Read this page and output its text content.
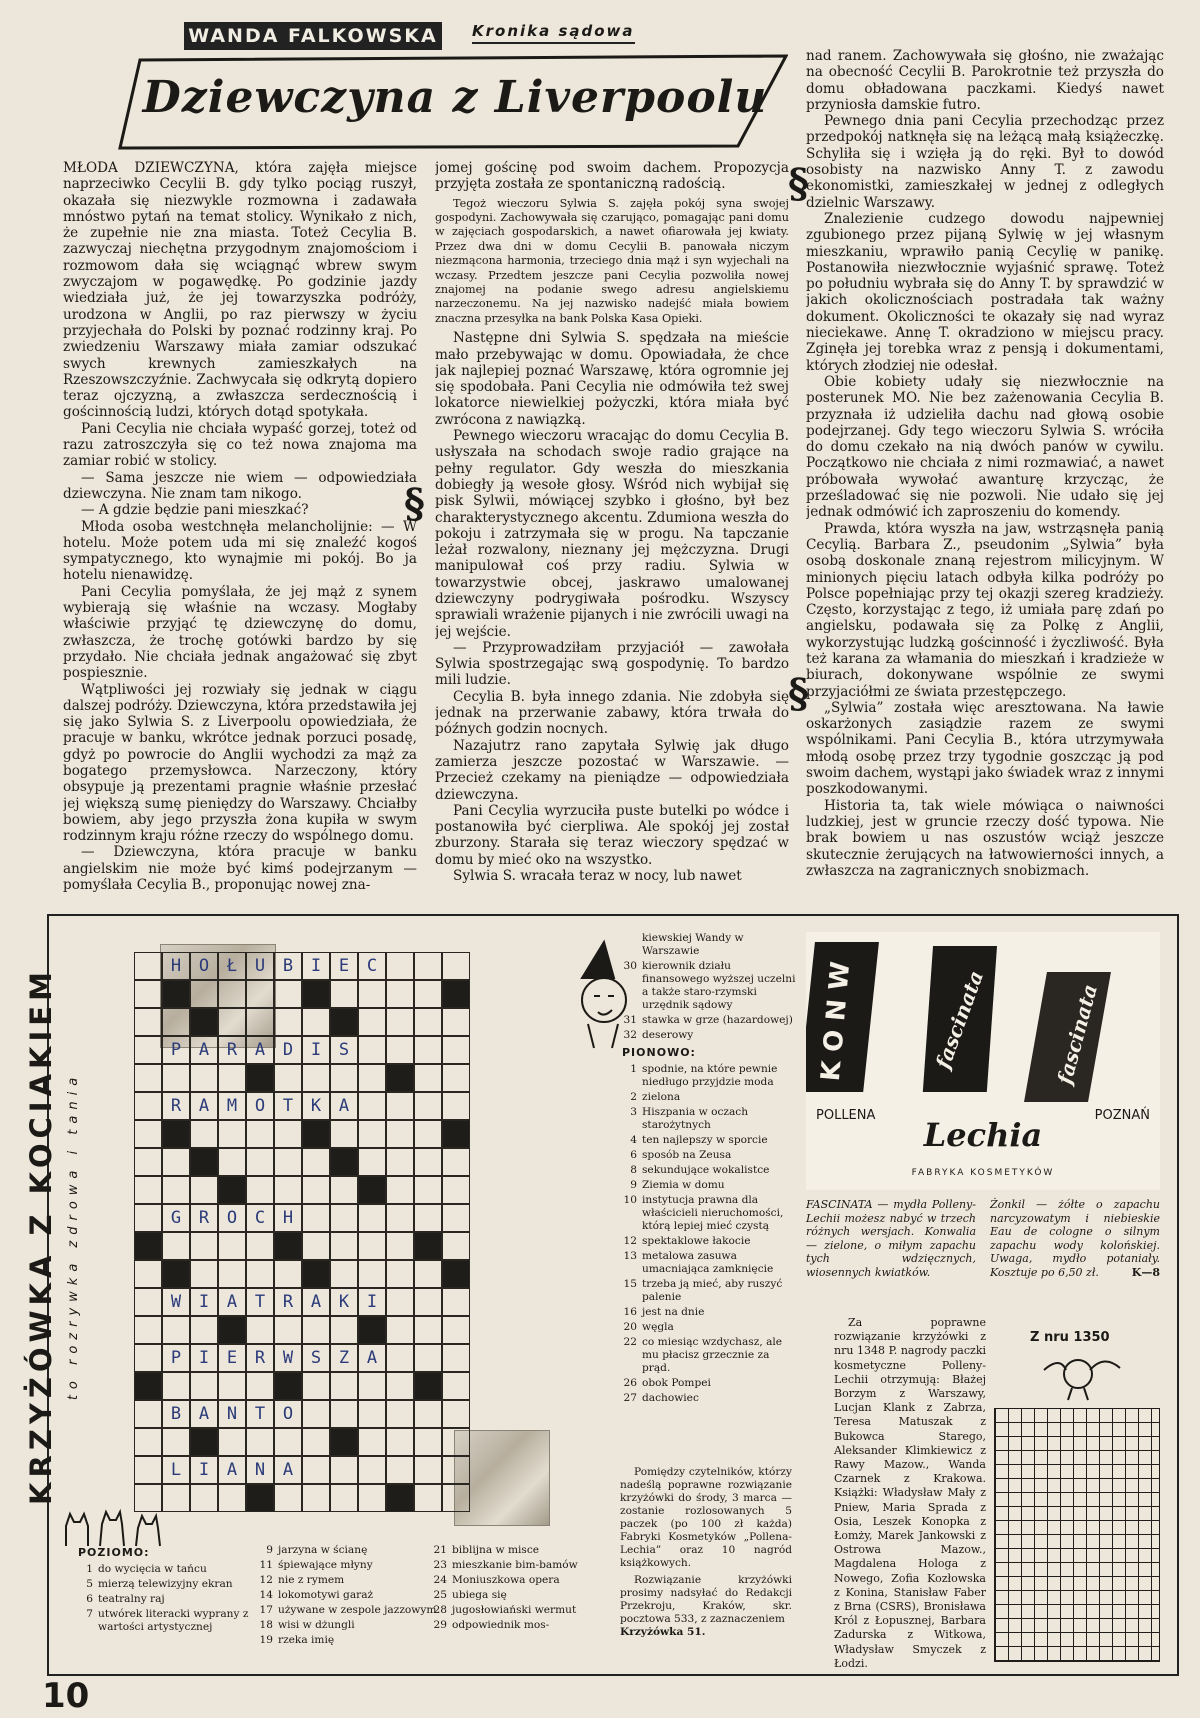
WANDA FALKOWSKA Kronika sądowa
Dziewczyna z Liverpoolu

MŁODA DZIEWCZYNA, która zajęła miejsce naprzeciwko Cecylii B. gdy tylko pociąg ruszył, okazała się niezwykle rozmowna i zadawała mnóstwo pytań na temat stolicy. Wynikało z nich, że zupełnie nie zna miasta. Toteż Cecylia B. zazwyczaj niechętna przygodnym znajomościom i rozmowom dała się wciągnąć wbrew swym zwyczajom w pogawędkę. Po godzinie jazdy wiedziała już, że jej towarzyszka podróży, urodzona w Anglii, po raz pierwszy w życiu przyjechała do Polski by poznać rodzinny kraj. Po zwiedzeniu Warszawy miała zamiar odszukać swych krewnych zamieszkałych na Rzeszowszczyźnie. Zachwycała się odkrytą dopiero teraz ojczyzną, a zwłaszcza serdecznością i gościnnością ludzi, których dotąd spotykała.

Pani Cecylia nie chciała wypaść gorzej, toteż od razu zatroszczyła się co też nowa znajoma ma zamiar robić w stolicy.

— Sama jeszcze nie wiem — odpowiedziała dziewczyna. Nie znam tam nikogo.

— A gdzie będzie pani mieszkać?

Młoda osoba westchnęła melancholijnie: — W hotelu. Może potem uda mi się znaleźć kogoś sympatycznego, kto wynajmie mi pokój. Bo ja hotelu nienawidzę.

Pani Cecylia pomyślała, że jej mąż z synem wybierają się właśnie na wczasy. Mogłaby właściwie przyjąć tę dziewczynę do domu, zwłaszcza, że trochę gotówki bardzo by się przydało. Nie chciała jednak angażować się zbyt pospiesznie.

Wątpliwości jej rozwiały się jednak w ciągu dalszej podróży. Dziewczyna, która przedstawiła jej się jako Sylwia S. z Liverpoolu opowiedziała, że pracuje w banku, wkrótce jednak porzuci posadę, gdyż po powrocie do Anglii wychodzi za mąż za bogatego przemysłowca. Narzeczony, który obsypuje ją prezentami pragnie właśnie przesłać jej większą sumę pieniędzy do Warszawy. Chciałby bowiem, aby jego przyszła żona kupiła w swym rodzinnym kraju różne rzeczy do wspólnego domu.

— Dziewczyna, która pracuje w banku angielskim nie może być kimś podejrzanym — pomyślała Cecylia B., proponując nowej zna-

§

jomej gościnę pod swoim dachem. Propozycja przyjęta została ze spontaniczną radością.

Tegoż wieczoru Sylwia S. zajęła pokój syna swojej gospodyni. Zachowywała się czarująco, pomagając pani domu w zajęciach gospodarskich, a nawet ofiarowała jej kwiaty. Przez dwa dni w domu Cecylii B. panowała niczym niezmącona harmonia, trzeciego dnia mąż i syn wyjechali na wczasy. Przedtem jeszcze pani Cecylia pozwoliła nowej znajomej na podanie swego adresu angielskiemu narzeczonemu. Na jej nazwisko nadejść miała bowiem znaczna przesyłka na bank Polska Kasa Opieki.

Następne dni Sylwia S. spędzała na mieście mało przebywając w domu. Opowiadała, że chce jak najlepiej poznać Warszawę, która ogromnie jej się spodobała. Pani Cecylia nie odmówiła też swej lokatorce niewielkiej pożyczki, która miała być zwrócona z nawiązką.

Pewnego wieczoru wracając do domu Cecylia B. usłyszała na schodach swoje radio grające na pełny regulator. Gdy weszła do mieszkania dobiegły ją wesołe głosy. Wśród nich wybijał się pisk Sylwii, mówiącej szybko i głośno, był bez charakterystycznego akcentu. Zdumiona weszła do pokoju i zatrzymała się w progu. Na tapczanie leżał rozwalony, nieznany jej mężczyzna. Drugi manipulował coś przy radiu. Sylwia w towarzystwie obcej, jaskrawo umalowanej dziewczyny podrygiwała pośrodku. Wszyscy sprawiali wrażenie pijanych i nie zwrócili uwagi na jej wejście.

— Przyprowadziłam przyjaciół — zawołała Sylwia spostrzegając swą gospodynię. To bardzo mili ludzie.

Cecylia B. była innego zdania. Nie zdobyła się jednak na przerwanie zabawy, która trwała do późnych godzin nocnych.

Nazajutrz rano zapytała Sylwię jak długo zamierza jeszcze pozostać w Warszawie. — Przecież czekamy na pieniądze — odpowiedziała dziewczyna.

Pani Cecylia wyrzuciła puste butelki po wódce i postanowiła być cierpliwa. Ale spokój jej został zburzony. Starała się teraz wieczory spędzać w domu by mieć oko na wszystko.

Sylwia S. wracała teraz w nocy, lub nawet

§
§

nad ranem. Zachowywała się głośno, nie zważając na obecność Cecylii B. Parokrotnie też przyszła do domu obładowana paczkami. Kiedyś nawet przyniosła damskie futro.

Pewnego dnia pani Cecylia przechodząc przez przedpokój natknęła się na leżącą małą książeczkę. Schyliła się i wzięła ją do ręki. Był to dowód osobisty na nazwisko Anny T. z zawodu ekonomistki, zamieszkałej w jednej z odległych dzielnic Warszawy.

Znalezienie cudzego dowodu najpewniej zgubionego przez pijaną Sylwię w jej własnym mieszkaniu, wprawiło panią Cecylię w panikę. Postanowiła niezwłocznie wyjaśnić sprawę. Toteż po południu wybrała się do Anny T. by sprawdzić w jakich okolicznościach postradała tak ważny dokument. Okoliczności te okazały się nad wyraz nieciekawe. Annę T. okradziono w miejscu pracy. Zginęła jej torebka wraz z pensją i dokumentami, których złodziej nie odesłał.

Obie kobiety udały się niezwłocznie na posterunek MO. Nie bez zażenowania Cecylia B. przyznała iż udzieliła dachu nad głową osobie podejrzanej. Gdy tego wieczoru Sylwia S. wróciła do domu czekało na nią dwóch panów w cywilu. Początkowo nie chciała z nimi rozmawiać, a nawet próbowała wywołać awanturę krzycząc, że prześladować się nie pozwoli. Nie udało się jej jednak odmówić ich zaproszeniu do komendy.

Prawda, która wyszła na jaw, wstrząsnęła panią Cecylią. Barbara Z., pseudonim „Sylwia” była osobą doskonale znaną rejestrom milicyjnym. W minionych pięciu latach odbyła kilka podróży po Polsce popełniając przy tej okazji szereg kradzieży. Często, korzystając z tego, iż umiała parę zdań po angielsku, podawała się za Polkę z Anglii, wykorzystując ludzką gościnność i życzliwość. Była też karana za włamania do mieszkań i kradzieże w biurach, dokonywane wspólnie ze swymi przyjaciółmi ze świata przestępczego.

„Sylwia” została więc aresztowana. Na ławie oskarżonych zasiądzie razem ze swymi wspólnikami. Pani Cecylia B., która utrzymywała młodą osobę przez trzy tygodnie goszcząc ją pod swoim dachem, wystąpi jako świadek wraz z innymi poszkodowanymi.

Historia ta, tak wiele mówiąca o naiwności ludzkiej, jest w gruncie rzeczy dość typowa. Nie brak bowiem u nas oszustów wciąż jeszcze skutecznie żerujących na łatwowierności innych, a zwłaszcza na zagranicznych snobizmach.

KRZYŻÓWKA Z KOCIAKIEM to rozrywka zdrowa i tania
H	O	Ł	U	B	I	E	C
P	A	R	A	D	I	S
R	A	M	O	T	K	A
G	R	O	C	H
W	I	A	T	R	A	K	I
P	I	E	R	W	S	Z	A
B	A	N	T	O
L	I	A	N	A
POZIOMO:
1 do wycięcia w tańcu
5 mierzą telewizyjny ekran
6 teatralny raj
7 utwórek literacki wyprany z wartości artystycznej
9 jarzyna w ścianę
11 śpiewające młyny
12 nie z rymem
14 lokomotywi garaż
17 używane w zespole jazzowym
18 wisi w dżungli
19 rzeka imię
21 biblijna w misce
23 mieszkanie bim-bamów
24 Moniuszkowa opera
25 ubiega się
28 jugosłowiański wermut
29 odpowiednik mos-
kiewskiej Wandy w Warszawie
30 kierownik działu finansowego wyższej uczelni a także staro-rzymski urzędnik sądowy
31 stawka w grze (hazardowej)
32 deserowy
PIONOWO:
1 spodnie, na które pewnie niedługo przyjdzie moda
2 zielona
3 Hiszpania w oczach starożytnych
4 ten najlepszy w sporcie
6 sposób na Zeusa
8 sekundujące wokalistce
9 Ziemia w domu
10 instytucja prawna dla właścicieli nieruchomości, którą lepiej mieć czystą
12 spektaklowe łakocie
13 metalowa zasuwa umacniająca zamknięcie
15 trzeba ją mieć, aby ruszyć palenie
16 jest na dnie
20 węgla
22 co miesiąc wzdychasz, ale mu płacisz grzecznie za prąd.
26 obok Pompei
27 dachowiec

Pomiędzy czytelników, którzy nadeślą poprawne rozwiązanie krzyżówki do środy, 3 marca — zostanie rozlosowanych 5 paczek (po 100 zł każda) Fabryki Kosmetyków „Pollena-Lechia” oraz 10 nagród książkowych.

Rozwiązanie krzyżówki prosimy nadsyłać do Redakcji Przekroju, Kraków, skr. pocztowa 533, z zaznaczeniem

Krzyżówka 51.

K O N W	fascinata	fascinata
POLLENA	POZNAŃ
Lechia
FABRYKA KOSMETYKÓW
FASCINATA — mydła Polleny-Lechii możesz nabyć w trzech różnych wersjach. Konwalia — zielone, o miłym zapachu tych wdzięcznych, wiosennych kwiatków.
Żonkil — żółte o zapachu narcyzowatym i niebieskie Eau de cologne o silnym zapachu wody kolońskiej. Uwaga, mydło potaniały. Kosztuje po 6,50 zł.	K—8
Za poprawne rozwiązanie krzyżówki z nru 1348 P. nagrody paczki kosmetyczne Polleny-Lechii otrzymują: Błażej Borzym z Warszawy, Lucjan Klank z Zabrza, Teresa Matuszak z Bukowca Starego, Aleksander Klimkiewicz z Rawy Mazow., Wanda Czarnek z Krakowa. Książki: Władysław Mały z Pniew, Maria Sprada z Osia, Leszek Konopka z Łomży, Marek Jankowski z Ostrowa Mazow., Magdalena Hologa z Nowego, Zofia Kozłowska z Konina, Stanisław Faber z Brna (CSRS), Bronisława Król z Łopusznej, Barbara Zadurska z Witkowa, Władysław Smyczek z Łodzi.
Z nru 1350
10
